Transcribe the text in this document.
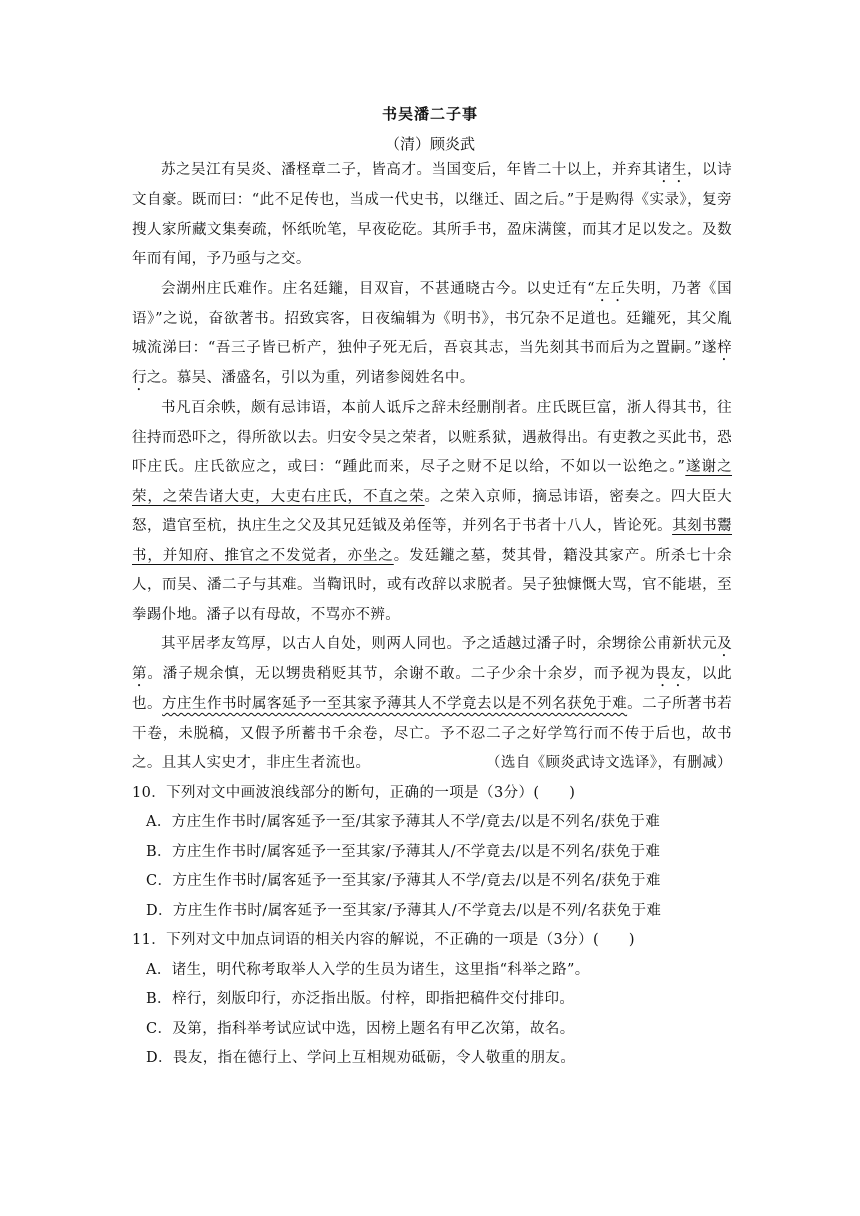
书吴潘二子事
（清）顾炎武

苏之吴江有吴炎、潘柽章二子，皆高才。当国变后，年皆二十以上，并弃其诸生，以诗文自豪。既而曰：“此不足传也，当成一代史书，以继迁、固之后。”于是购得《实录》，复旁搜人家所藏文集奏疏，怀纸吮笔，早夜矻矻。其所手书，盈床满箧，而其才足以发之。及数年而有闻，予乃亟与之交。

会湖州庄氏难作。庄名廷鑨，目双盲，不甚通晓古今。以史迁有“左丘失明，乃著《国语》”之说，奋欲著书。招致宾客，日夜编辑为《明书》，书冗杂不足道也。廷鑨死，其父胤城流涕曰：“吾三子皆已析产，独仲子死无后，吾哀其志，当先刻其书而后为之置嗣。”遂梓行之。慕吴、潘盛名，引以为重，列诸参阅姓名中。

书凡百余帙，颇有忌讳语，本前人诋斥之辞未经删削者。庄氏既巨富，浙人得其书，往往持而恐吓之，得所欲以去。归安令吴之荣者，以赃系狱，遇赦得出。有吏教之买此书，恐吓庄氏。庄氏欲应之，或曰：“踵此而来，尽子之财不足以给，不如以一讼绝之。”遂谢之荣，之荣告诸大吏，大吏右庄氏，不直之荣。之荣入京师，摘忌讳语，密奏之。四大臣大怒，遣官至杭，执庄生之父及其兄廷钺及弟侄等，并列名于书者十八人，皆论死。其刻书鬻书，并知府、推官之不发觉者，亦坐之。发廷鑨之墓，焚其骨，籍没其家产。所杀七十余人，而吴、潘二子与其难。当鞫讯时，或有改辞以求脱者。吴子独慷慨大骂，官不能堪，至拳踢仆地。潘子以有母故，不骂亦不辨。

其平居孝友笃厚，以古人自处，则两人同也。予之适越过潘子时，余甥徐公甫新状元及第。潘子规余慎，无以甥贵稍贬其节，余谢不敢。二子少余十余岁，而予视为畏友，以此也。方庄生作书时属客延予一至其家予薄其人不学竟去以是不列名获免于难。二子所著书若干卷，未脱稿，又假予所蓄书千余卷，尽亡。予不忍二子之好学笃行而不传于后也，故书之。且其人实史才，非庄生者流也。	（选自《顾炎武诗文选译》，有删减）

10．下列对文中画波浪线部分的断句，正确的一项是（3分）(　　)

A．方庄生作书时/属客延予一至/其家予薄其人不学/竟去/以是不列名/获免于难

B．方庄生作书时/属客延予一至其家/予薄其人/不学竟去/以是不列名/获免于难

C．方庄生作书时/属客延予一至其家/予薄其人不学/竟去/以是不列名/获免于难

D．方庄生作书时/属客延予一至其家/予薄其人/不学竟去/以是不列/名获免于难

11．下列对文中加点词语的相关内容的解说，不正确的一项是（3分）(　　)

A．诸生，明代称考取举人入学的生员为诸生，这里指“科举之路”。

B．梓行，刻版印行，亦泛指出版。付梓，即指把稿件交付排印。

C．及第，指科举考试应试中选，因榜上题名有甲乙次第，故名。

D．畏友，指在德行上、学问上互相规劝砥砺，令人敬重的朋友。
